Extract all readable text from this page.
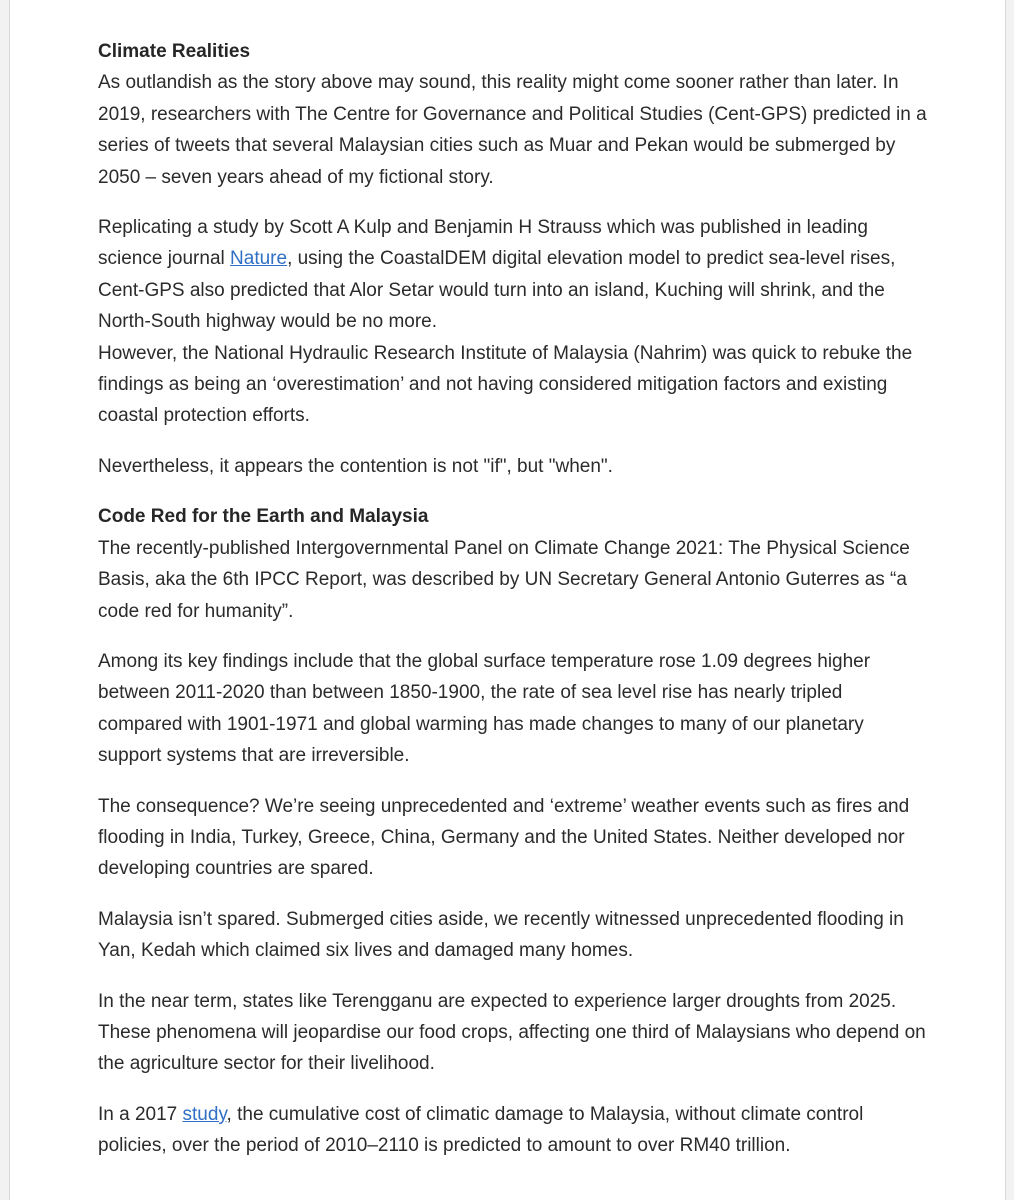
Climate Realities

As outlandish as the story above may sound, this reality might come sooner rather than later. In 2019, researchers with The Centre for Governance and Political Studies (Cent-GPS) predicted in a series of tweets that several Malaysian cities such as Muar and Pekan would be submerged by 2050 – seven years ahead of my fictional story.

Replicating a study by Scott A Kulp and Benjamin H Strauss which was published in leading science journal Nature, using the CoastalDEM digital elevation model to predict sea-level rises, Cent-GPS also predicted that Alor Setar would turn into an island, Kuching will shrink, and the North-South highway would be no more.

However, the National Hydraulic Research Institute of Malaysia (Nahrim) was quick to rebuke the findings as being an ‘overestimation’ and not having considered mitigation factors and existing coastal protection efforts.

Nevertheless, it appears the contention is not "if", but "when".

Code Red for the Earth and Malaysia

The recently-published Intergovernmental Panel on Climate Change 2021: The Physical Science Basis, aka the 6th IPCC Report, was described by UN Secretary General Antonio Guterres as “a code red for humanity”.

Among its key findings include that the global surface temperature rose 1.09 degrees higher between 2011-2020 than between 1850-1900, the rate of sea level rise has nearly tripled compared with 1901-1971 and global warming has made changes to many of our planetary support systems that are irreversible.

The consequence? We’re seeing unprecedented and ‘extreme’ weather events such as fires and flooding in India, Turkey, Greece, China, Germany and the United States. Neither developed nor developing countries are spared.

Malaysia isn’t spared. Submerged cities aside, we recently witnessed unprecedented flooding in Yan, Kedah which claimed six lives and damaged many homes.

In the near term, states like Terengganu are expected to experience larger droughts from 2025. These phenomena will jeopardise our food crops, affecting one third of Malaysians who depend on the agriculture sector for their livelihood.

In a 2017 study, the cumulative cost of climatic damage to Malaysia, without climate control policies, over the period of 2010–2110 is predicted to amount to over RM40 trillion.
